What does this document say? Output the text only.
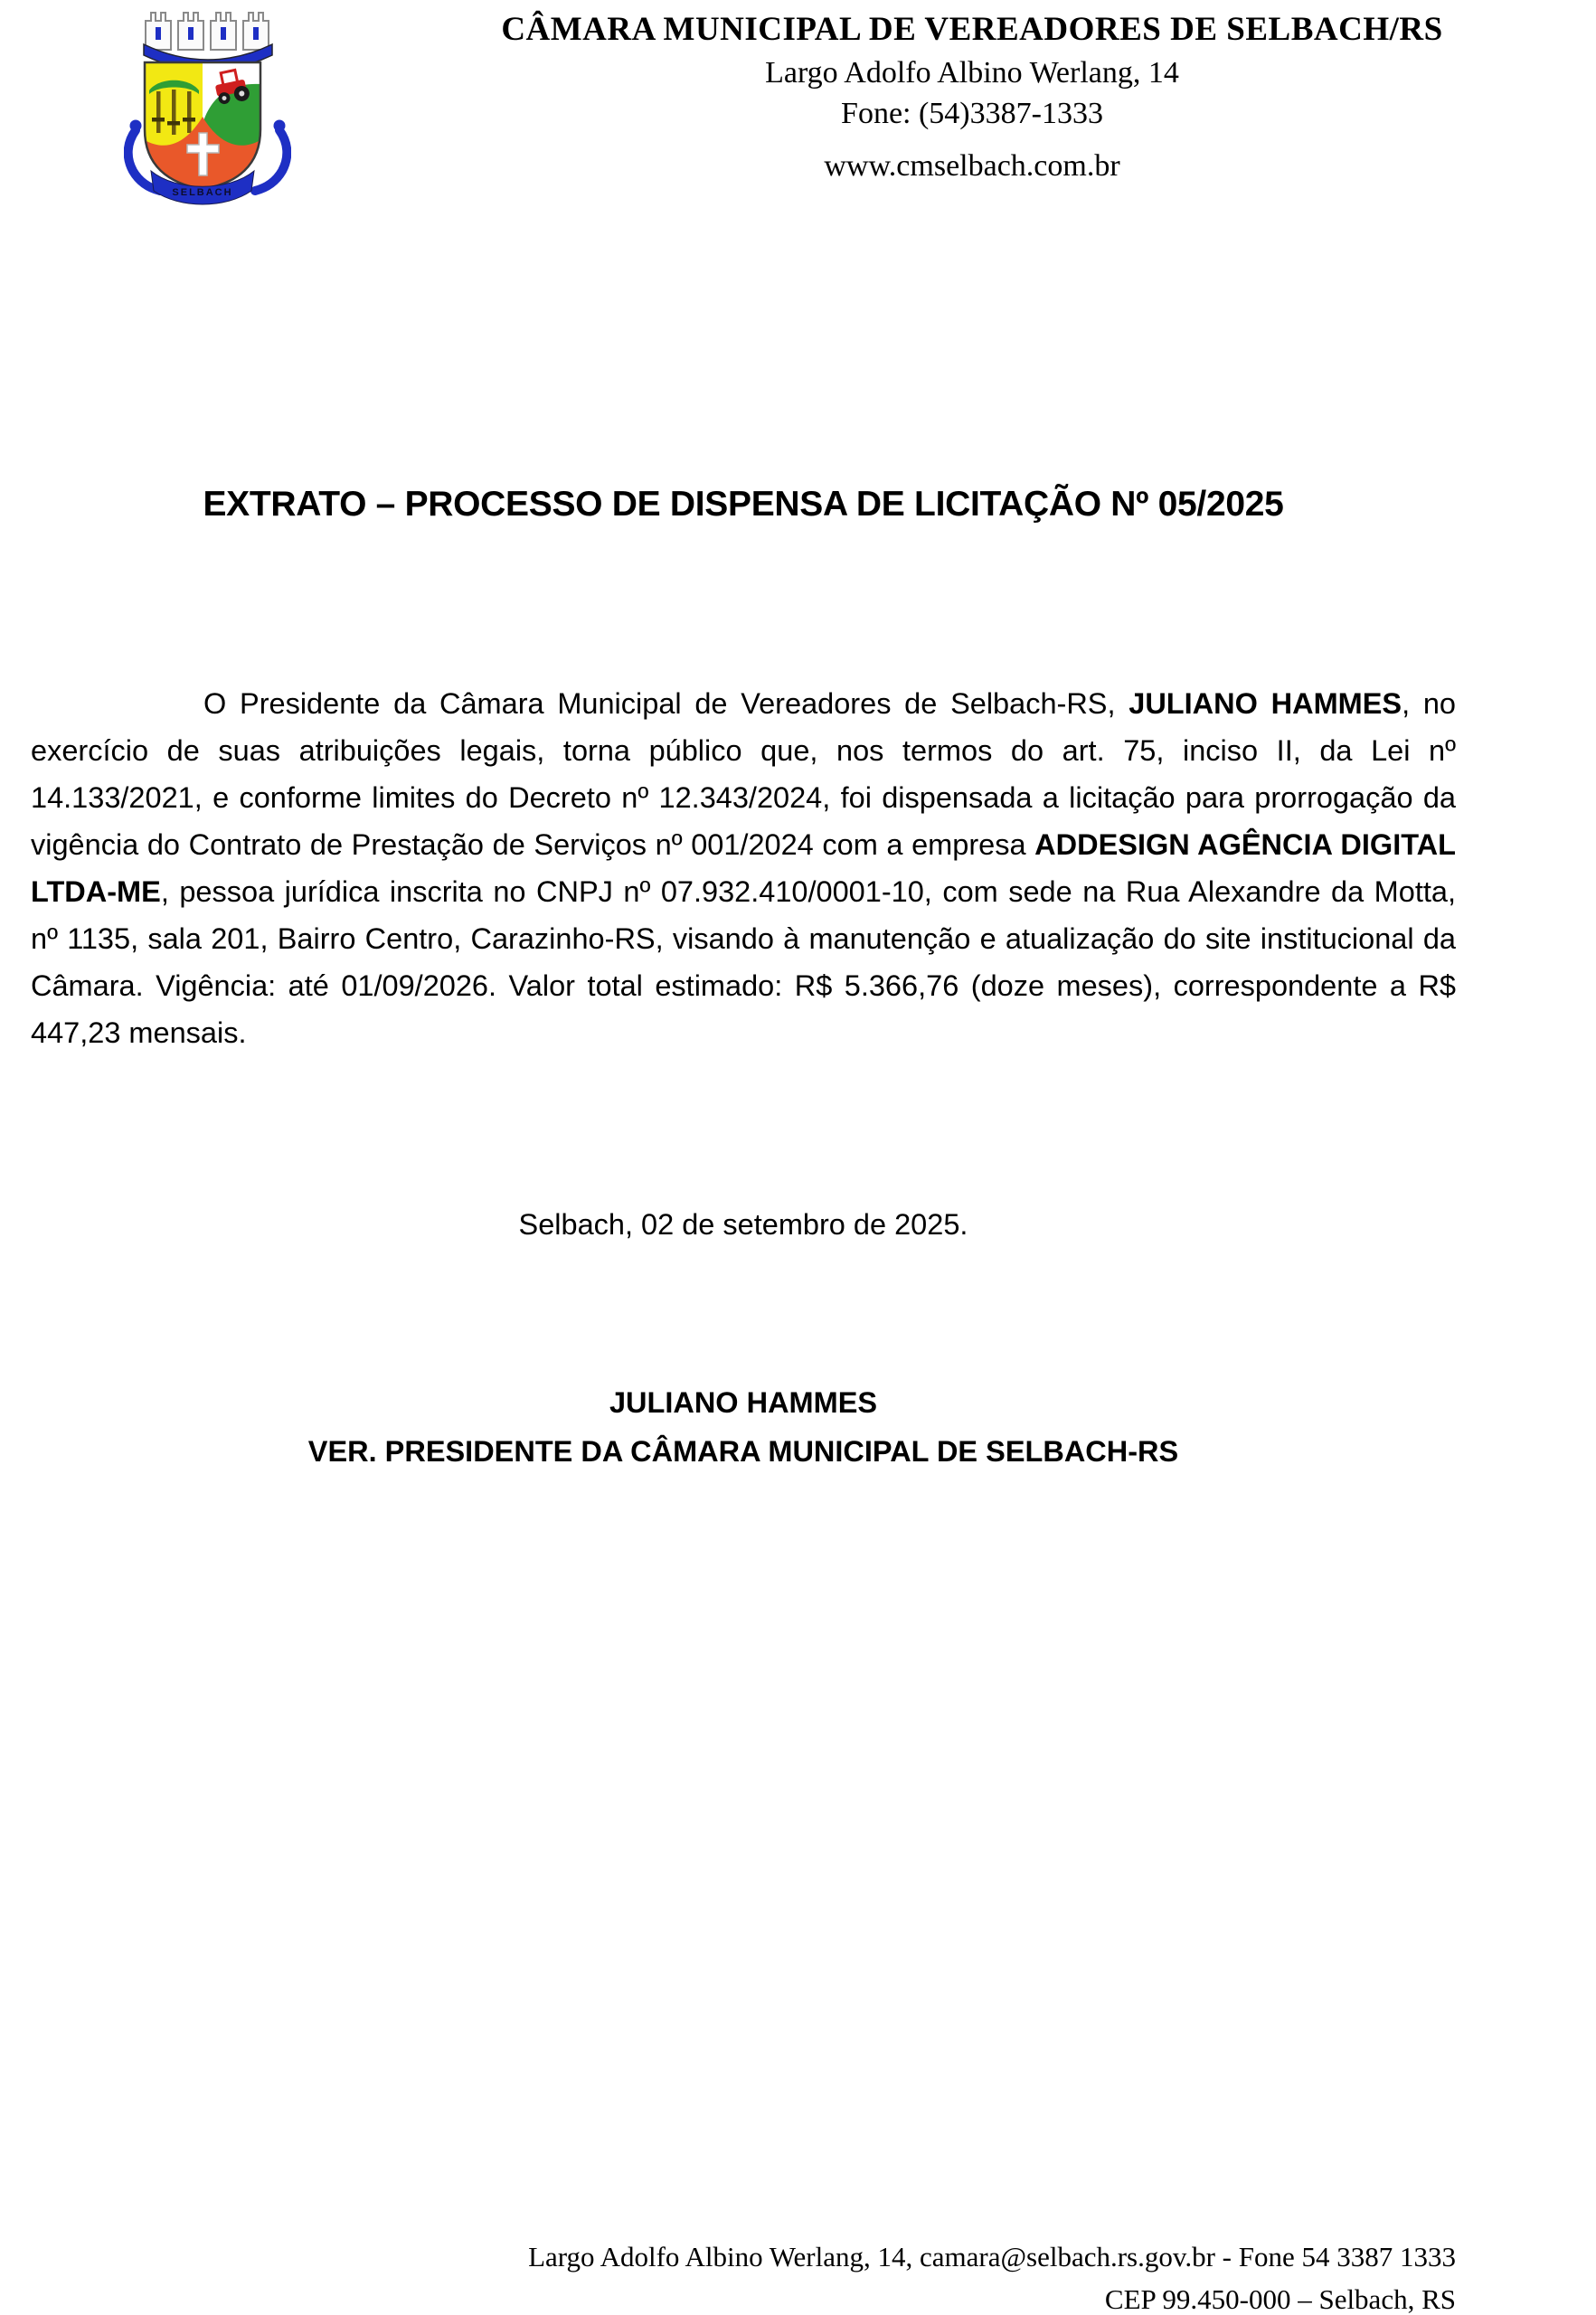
SELBACH
CÂMARA MUNICIPAL DE VEREADORES DE SELBACH/RS
Largo Adolfo Albino Werlang, 14
Fone: (54)3387-1333
www.cmselbach.com.br
EXTRATO – PROCESSO DE DISPENSA DE LICITAÇÃO Nº 05/2025

O Presidente da Câmara Municipal de Vereadores de Selbach-RS, JULIANO HAMMES, no exercício de suas atribuições legais, torna público que, nos termos do art. 75, inciso II, da Lei nº 14.133/2021, e conforme limites do Decreto nº 12.343/2024, foi dispensada a licitação para prorrogação da vigência do Contrato de Prestação de Serviços nº 001/2024 com a empresa ADDESIGN AGÊNCIA DIGITAL LTDA-ME, pessoa jurídica inscrita no CNPJ nº 07.932.410/0001-10, com sede na Rua Alexandre da Motta, nº 1135, sala 201, Bairro Centro, Carazinho-RS, visando à manutenção e atualização do site institucional da Câmara. Vigência: até 01/09/2026. Valor total estimado: R$ 5.366,76 (doze meses), correspondente a R$ 447,23 mensais.

Selbach, 02 de setembro de 2025.
JULIANO HAMMES
VER. PRESIDENTE DA CÂMARA MUNICIPAL DE SELBACH-RS
Largo Adolfo Albino Werlang, 14, camara@selbach.rs.gov.br - Fone 54 3387 1333
CEP 99.450-000 – Selbach, RS
